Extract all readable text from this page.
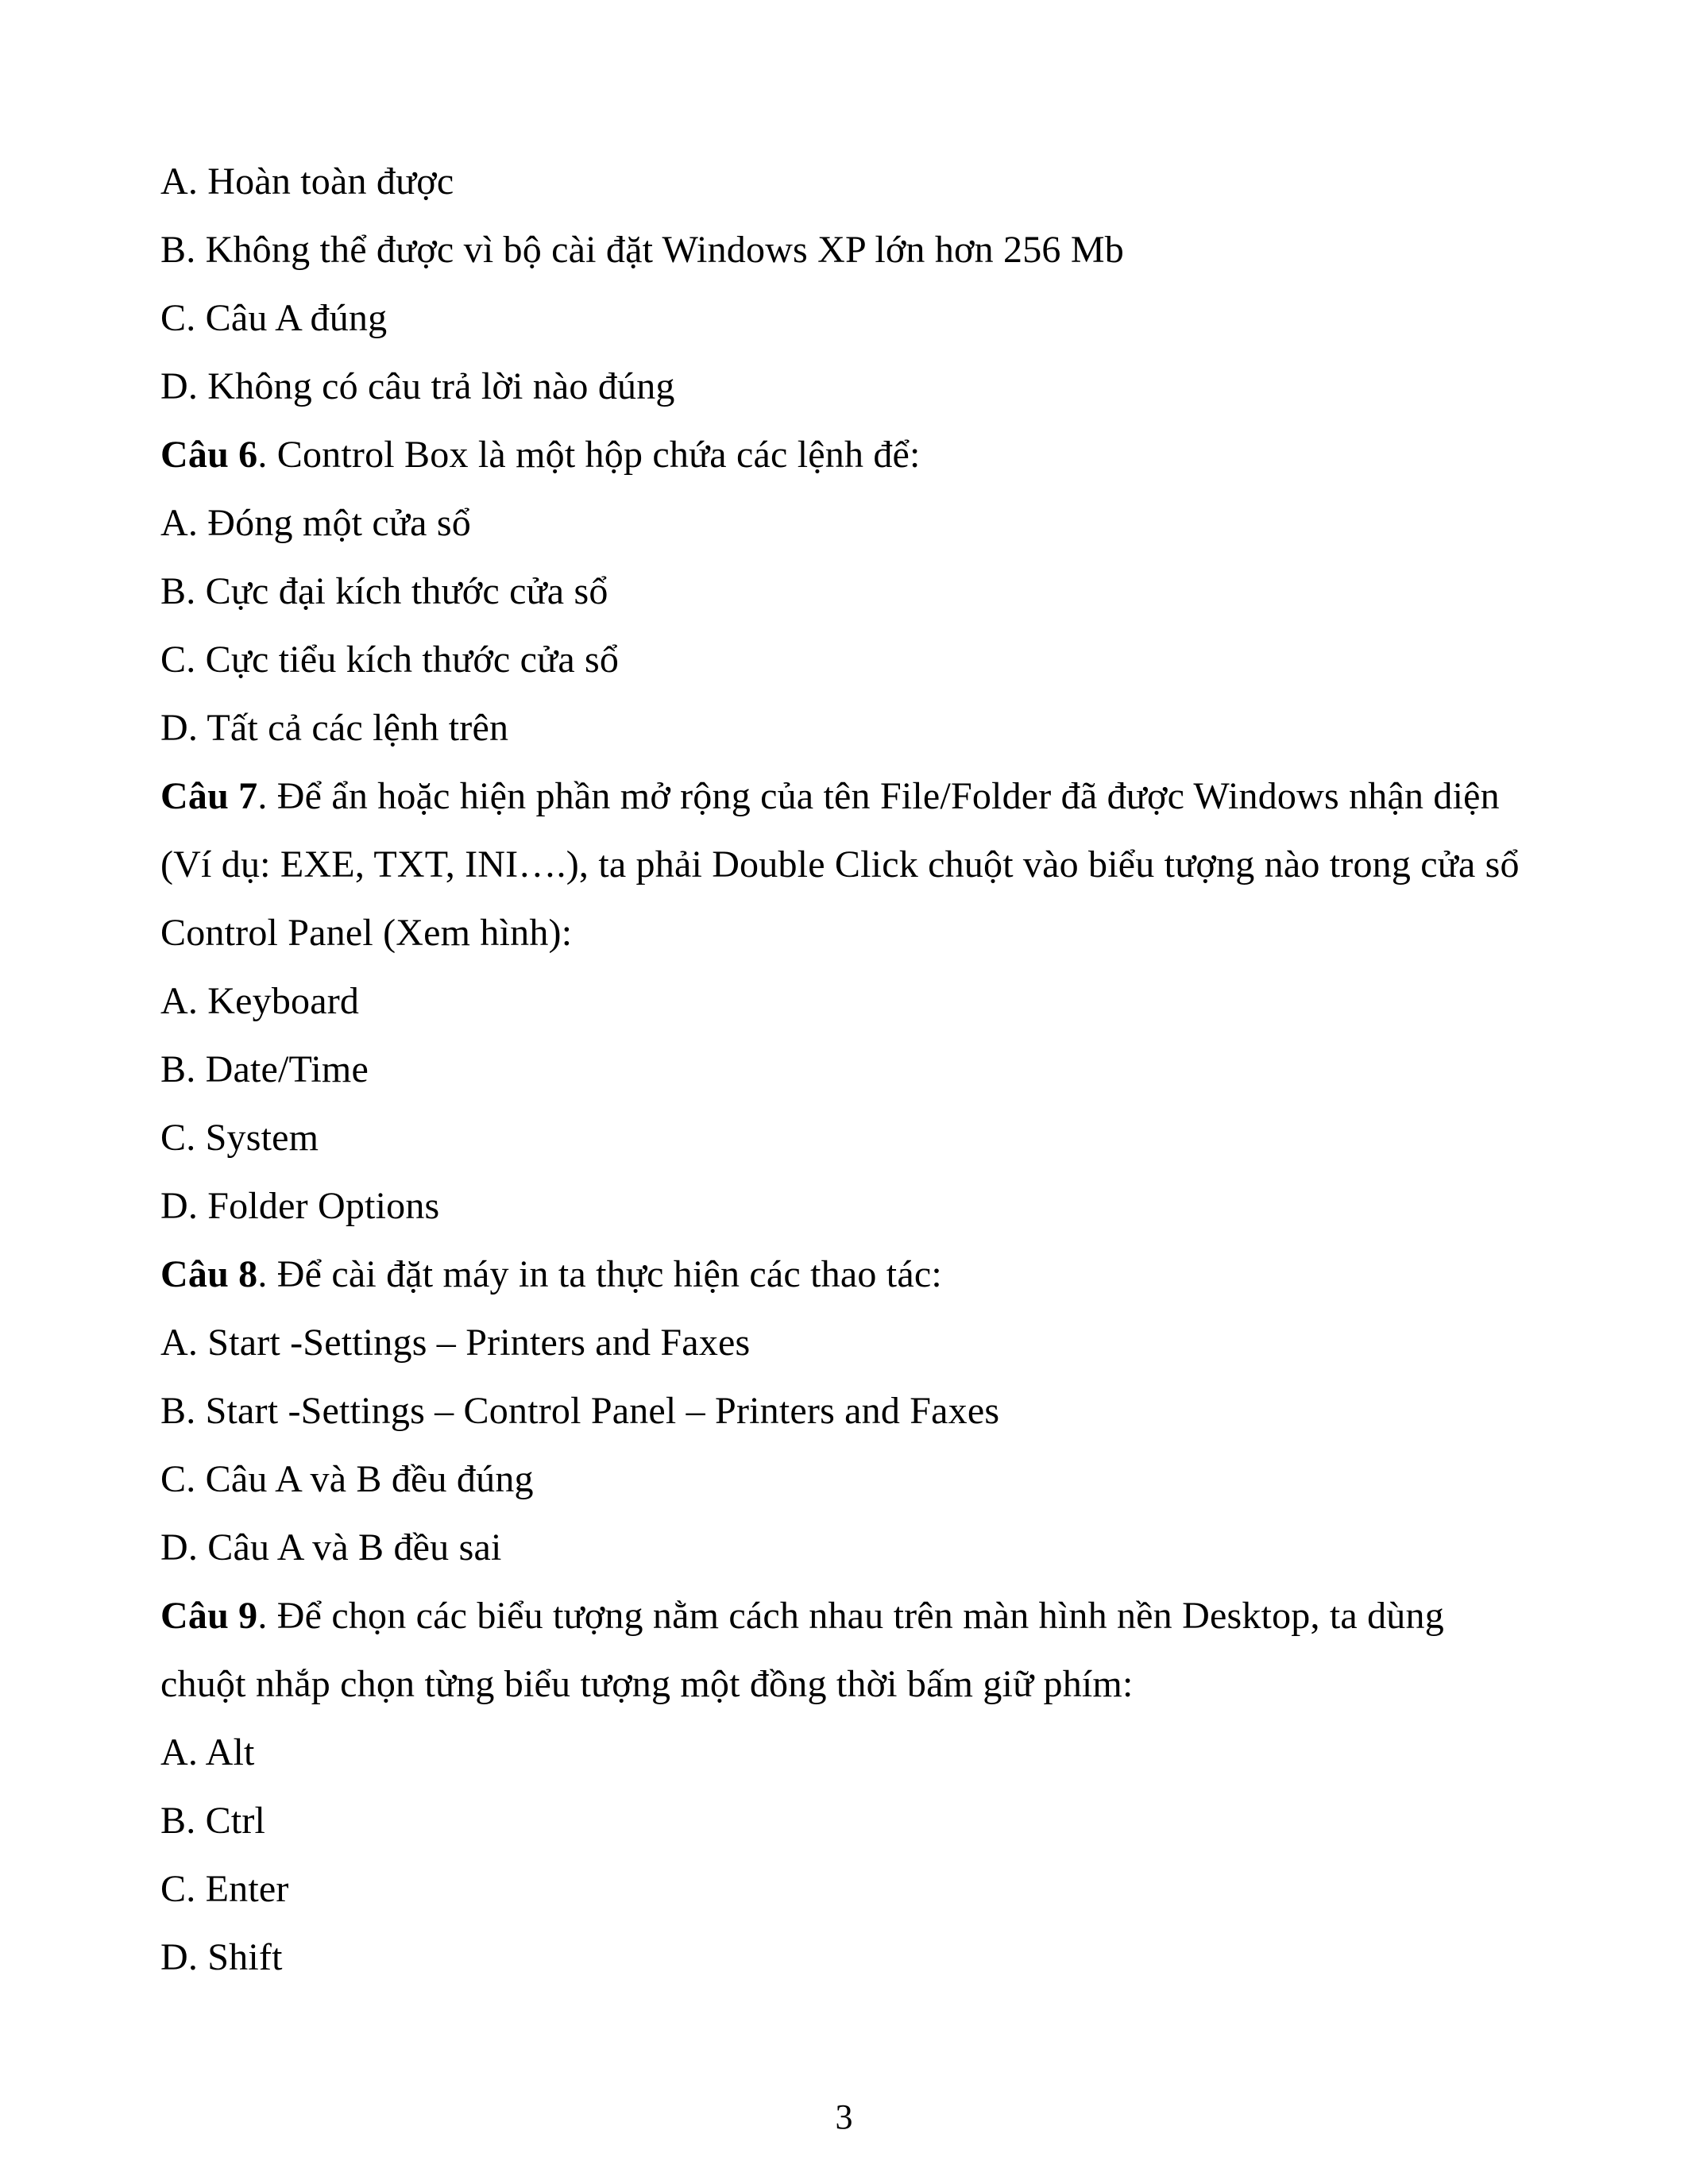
A. Hoàn toàn được
B. Không thể được vì bộ cài đặt Windows XP lớn hơn 256 Mb
C. Câu A đúng
D. Không có câu trả lời nào đúng
Câu 6. Control Box là một hộp chứa các lệnh để:
A. Đóng một cửa sổ
B. Cực đại kích thước cửa sổ
C. Cực tiểu kích thước cửa sổ
D. Tất cả các lệnh trên
Câu 7. Để ẩn hoặc hiện phần mở rộng của tên File/Folder đã được Windows nhận diện
(Ví dụ: EXE, TXT, INI….), ta phải Double Click chuột vào biểu tượng nào trong cửa sổ
Control Panel (Xem hình):
A. Keyboard
B. Date/Time
C. System
D. Folder Options
Câu 8. Để cài đặt máy in ta thực hiện các thao tác:
A. Start -Settings – Printers and Faxes
B. Start -Settings – Control Panel – Printers and Faxes
C. Câu A và B đều đúng
D. Câu A và B đều sai
Câu 9. Để chọn các biểu tượng nằm cách nhau trên màn hình nền Desktop, ta dùng
chuột nhắp chọn từng biểu tượng một đồng thời bấm giữ phím:
A. Alt
B. Ctrl
C. Enter
D. Shift
3
